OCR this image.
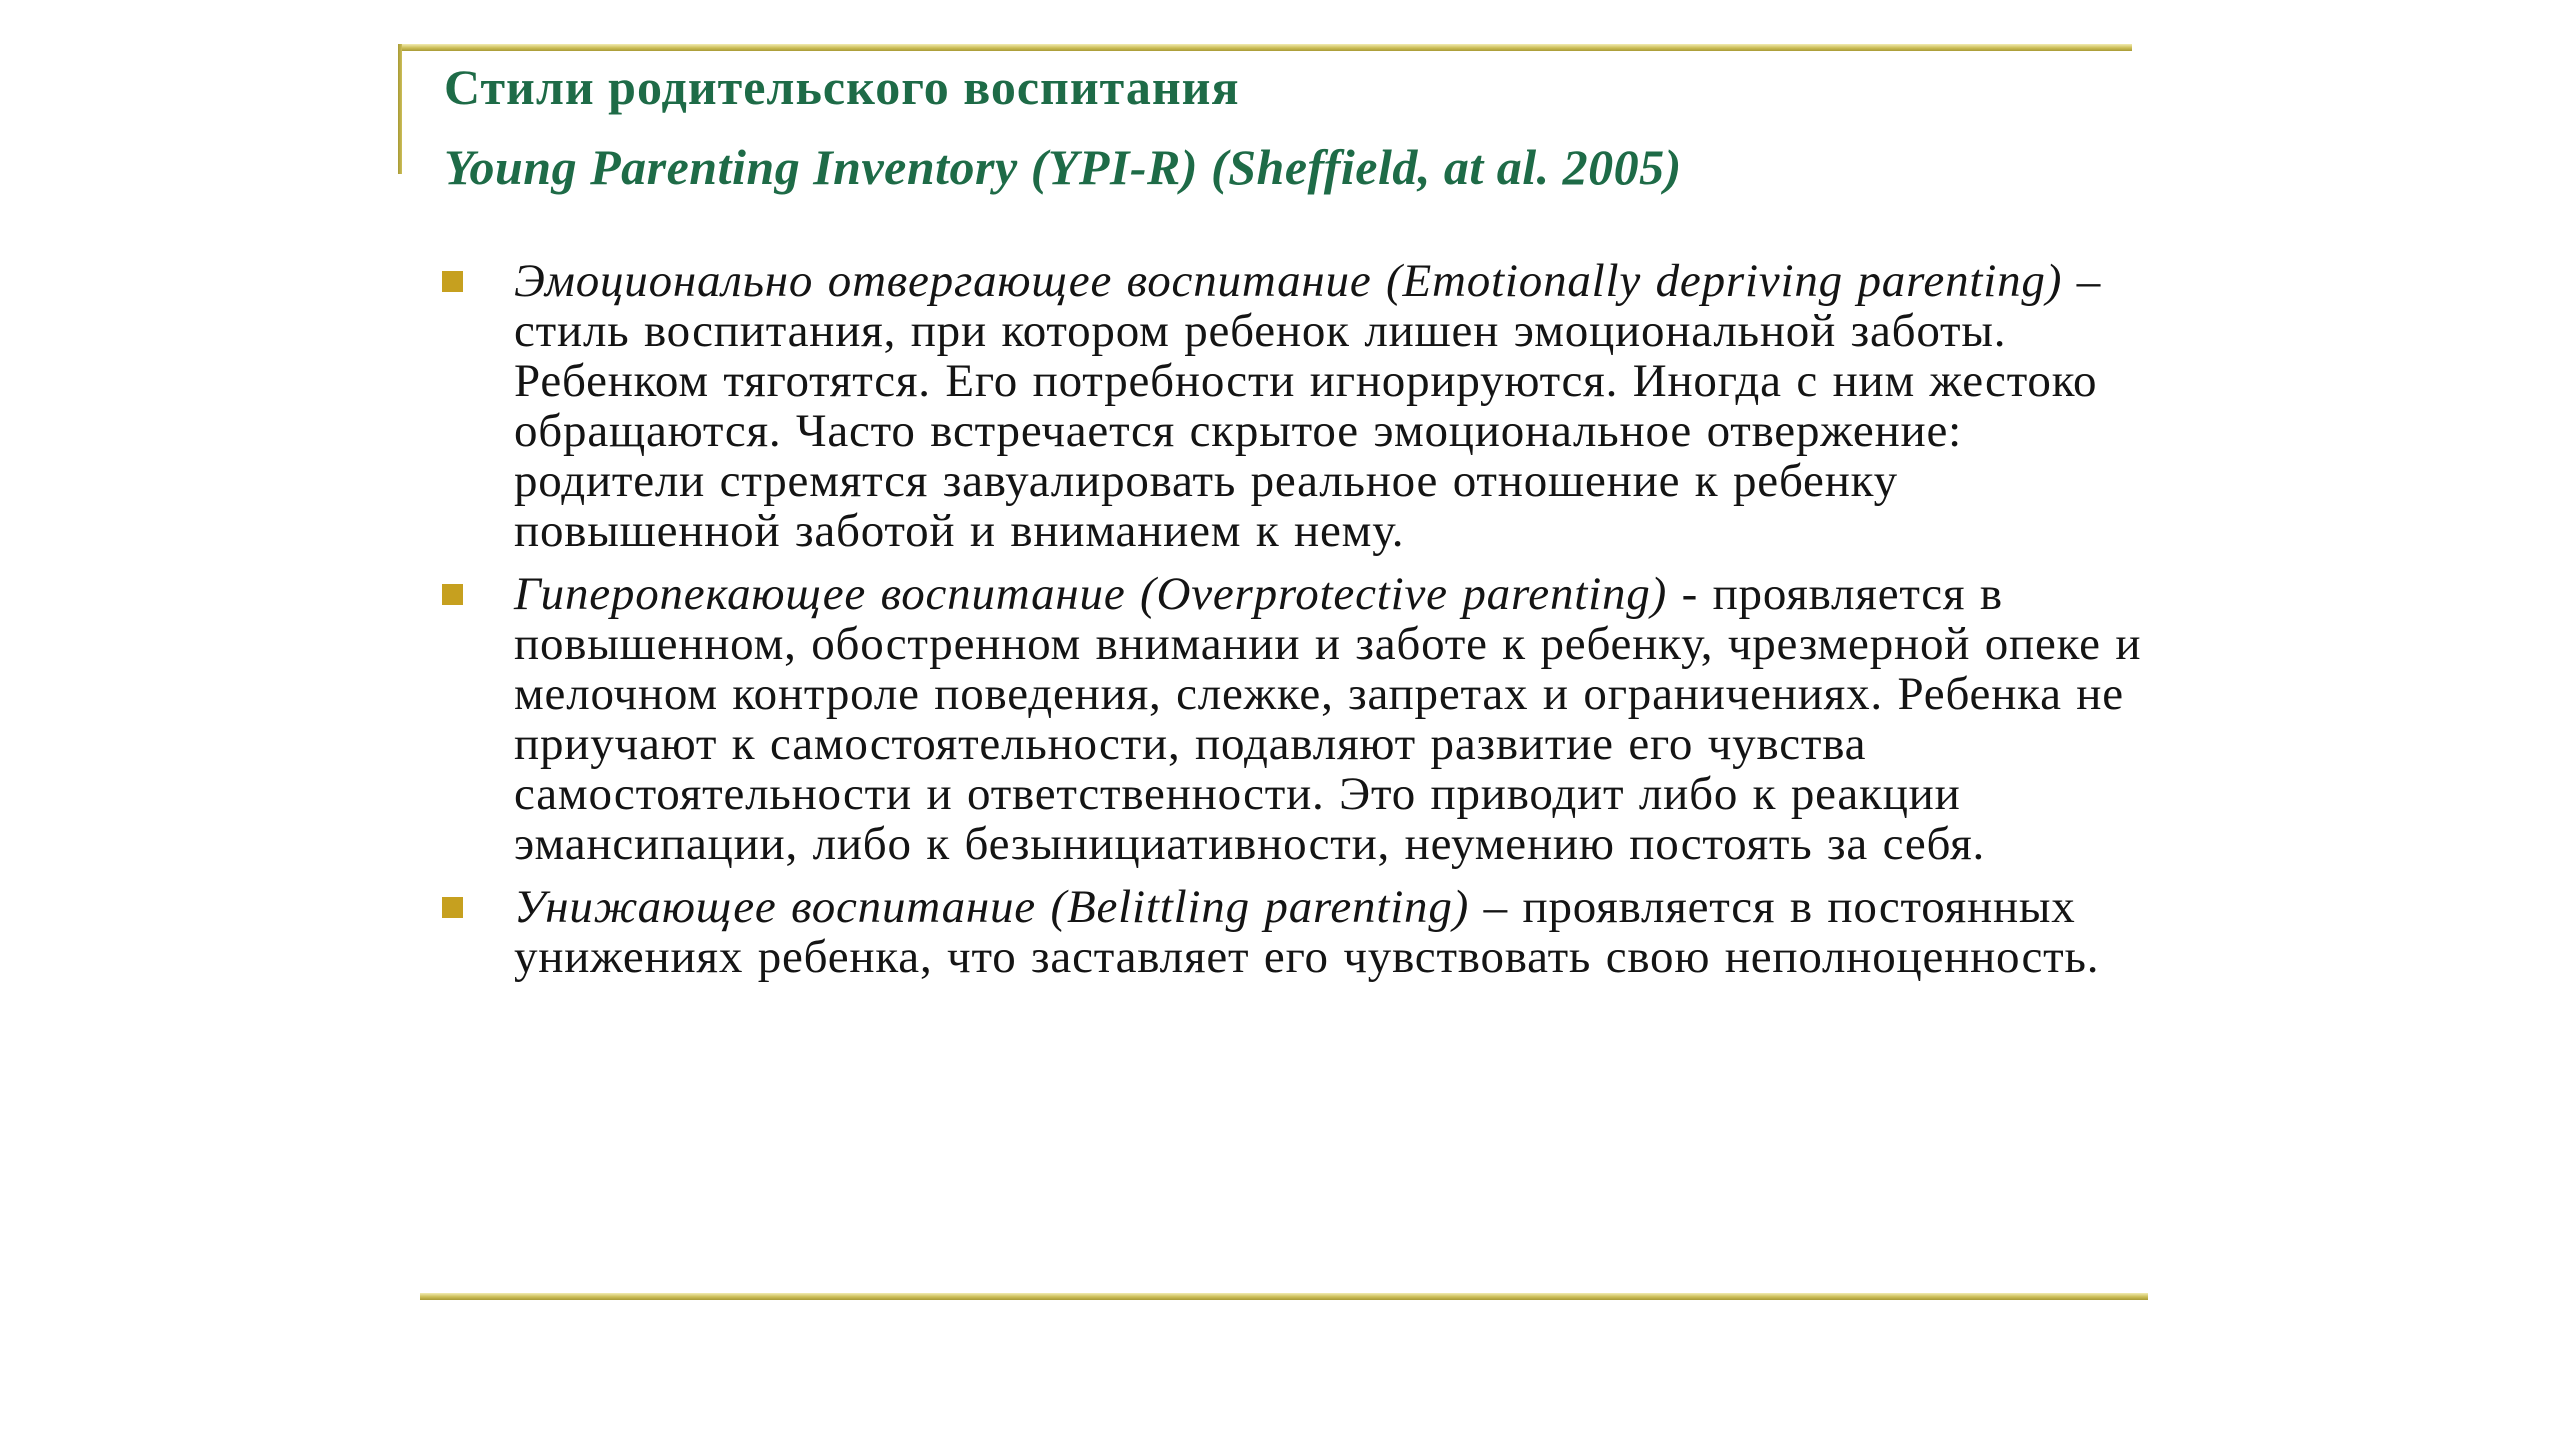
Стили родительского воспитания
Young Parenting Inventory (YPI-R) (Sheffield, at al. 2005)
Эмоционально отвергающее воспитание (Emotionally depriving parenting) – стиль воспитания, при котором ребенок лишен эмоциональной заботы. Ребенком тяготятся. Его потребности игнорируются. Иногда с ним жестоко обращаются. Часто встречается скрытое эмоциональное отвержение: родители стремятся завуалировать реальное отношение к ребенку повышенной заботой и вниманием к нему.
Гиперопекающее воспитание (Overprotective parenting) - проявляется в повышенном, обостренном внимании и заботе к ребенку, чрезмерной опеке и мелочном контроле поведения, слежке, запретах и ограничениях. Ребенка не приучают к самостоятельности, подавляют развитие его чувства самостоятельности и ответственности. Это приводит либо к реакции эмансипации, либо к безынициативности, неумению постоять за себя.
Унижающее воспитание (Belittling parenting) – проявляется в постоянных унижениях ребенка, что заставляет его чувствовать свою неполноценность.
